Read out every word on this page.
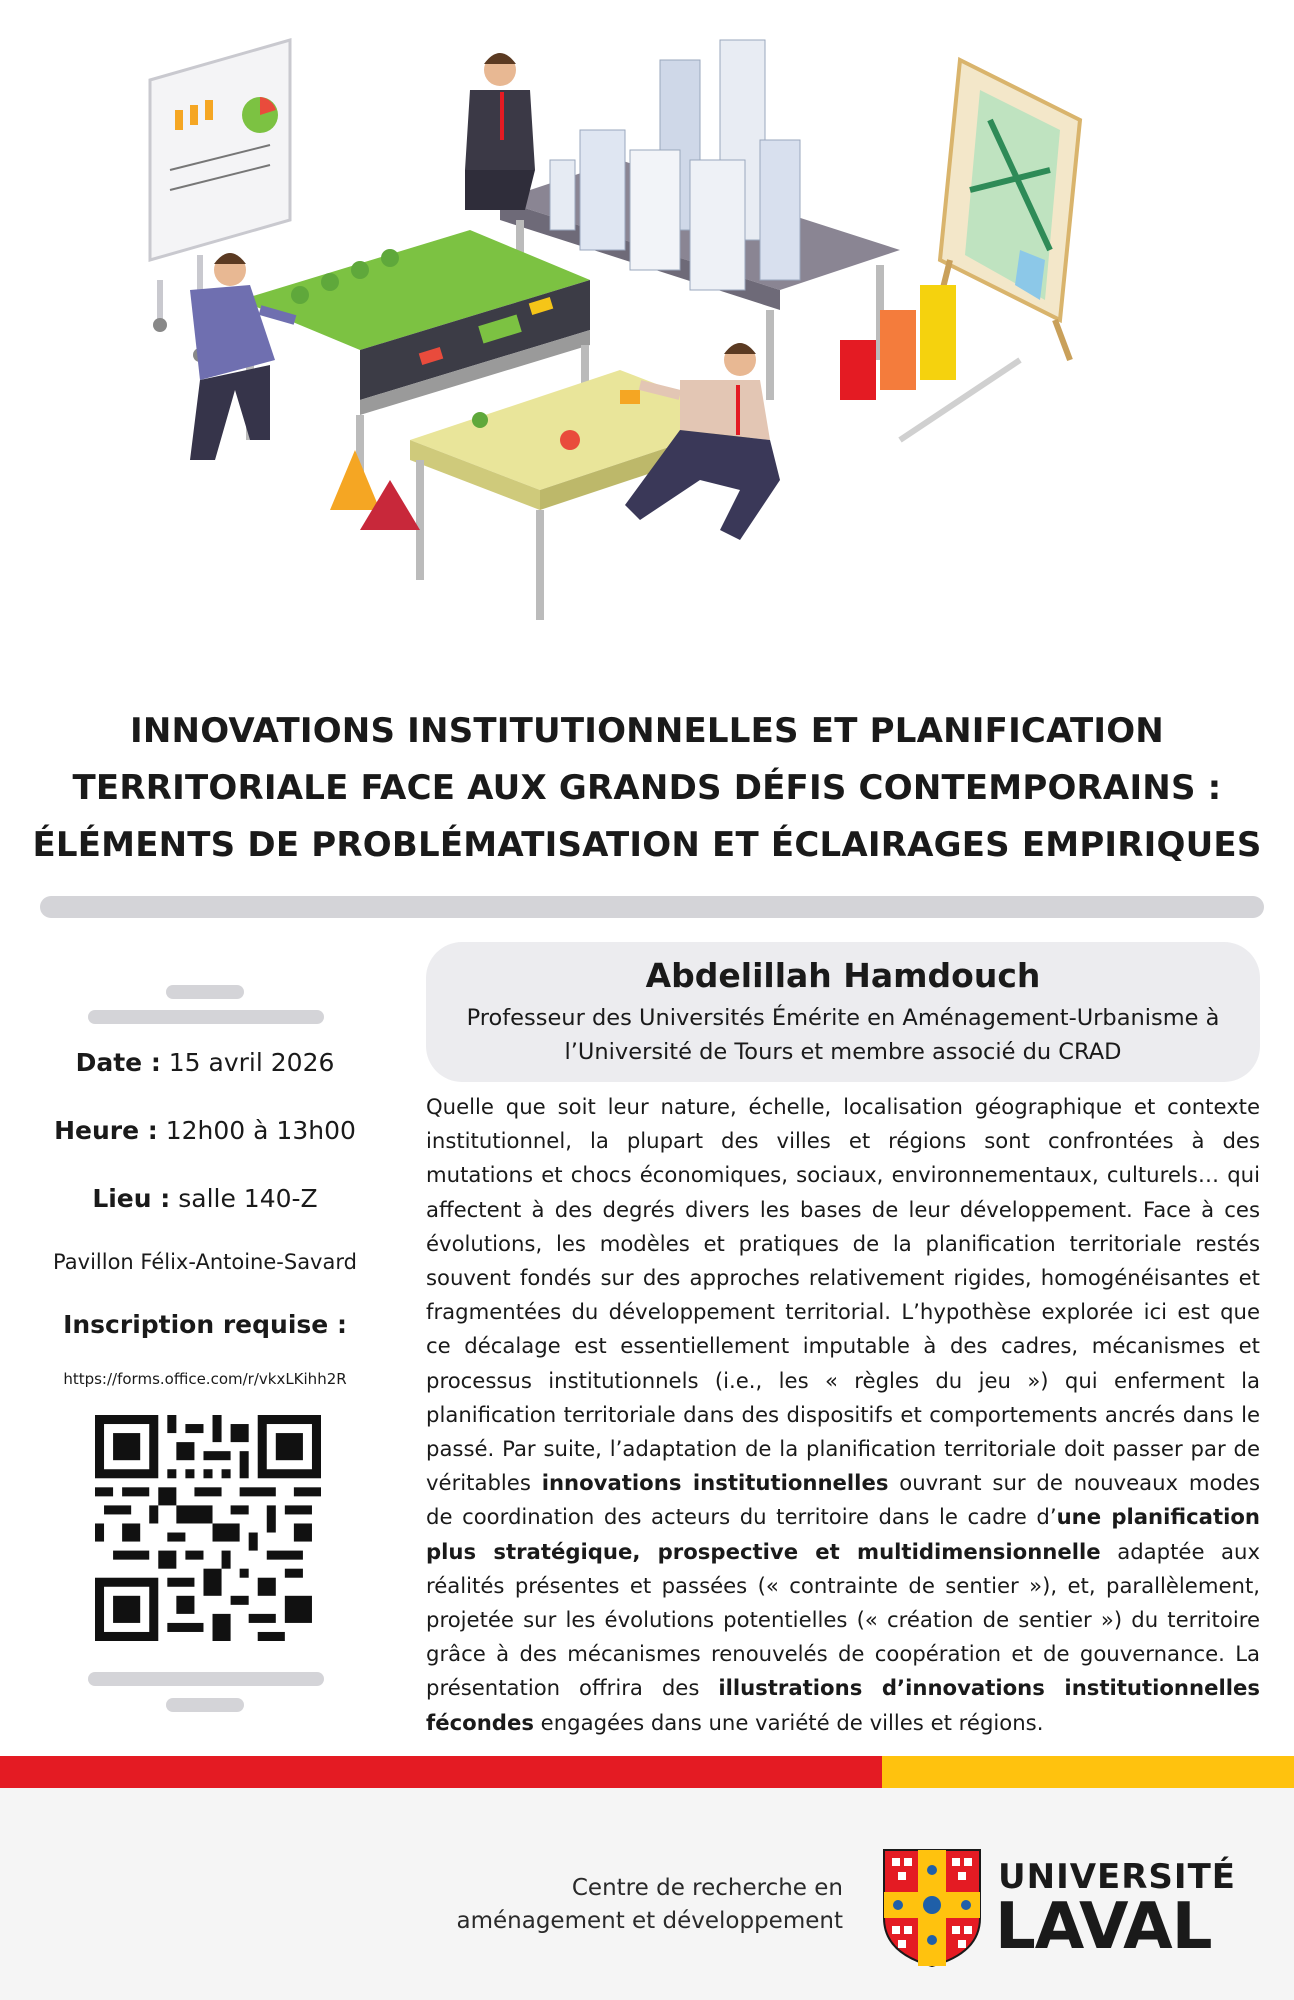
INNOVATIONS INSTITUTIONNELLES ET PLANIFICATION
TERRITORIALE FACE AUX GRANDS DÉFIS CONTEMPORAINS :
ÉLÉMENTS DE PROBLÉMATISATION ET ÉCLAIRAGES EMPIRIQUES
Date : 15 avril 2026
Heure : 12h00 à 13h00
Lieu : salle 140-Z
Pavillon Félix-Antoine-Savard
Inscription requise :
https://forms.office.com/r/vkxLKihh2R
Abdelillah Hamdouch
Professeur des Universités Émérite en Aménagement-Urbanisme à
l’Université de Tours et membre associé du CRAD
Quelle que soit leur nature, échelle, localisation géographique et contexte institutionnel, la plupart des villes et régions sont confrontées à des mutations et chocs économiques, sociaux, environnementaux, culturels… qui affectent à des degrés divers les bases de leur développement. Face à ces évolutions, les modèles et pratiques de la planification territoriale restés souvent fondés sur des approches relativement rigides, homogénéisantes et fragmentées du développement territorial. L’hypothèse explorée ici est que ce décalage est essentiellement imputable à des cadres, mécanismes et processus institutionnels (i.e., les « règles du jeu ») qui enferment la planification territoriale dans des dispositifs et comportements ancrés dans le passé. Par suite, l’adaptation de la planification territoriale doit passer par de véritables innovations institutionnelles ouvrant sur de nouveaux modes de coordination des acteurs du territoire dans le cadre d’une planification plus stratégique, prospective et multidimensionnelle adaptée aux réalités présentes et passées (« contrainte de sentier »), et, parallèlement, projetée sur les évolutions potentielles (« création de sentier ») du territoire grâce à des mécanismes renouvelés de coopération et de gouvernance. La présentation offrira des illustrations d’innovations institutionnelles fécondes engagées dans une variété de villes et régions.
Centre de recherche en
aménagement et développement
UNIVERSITÉ
LAVAL
